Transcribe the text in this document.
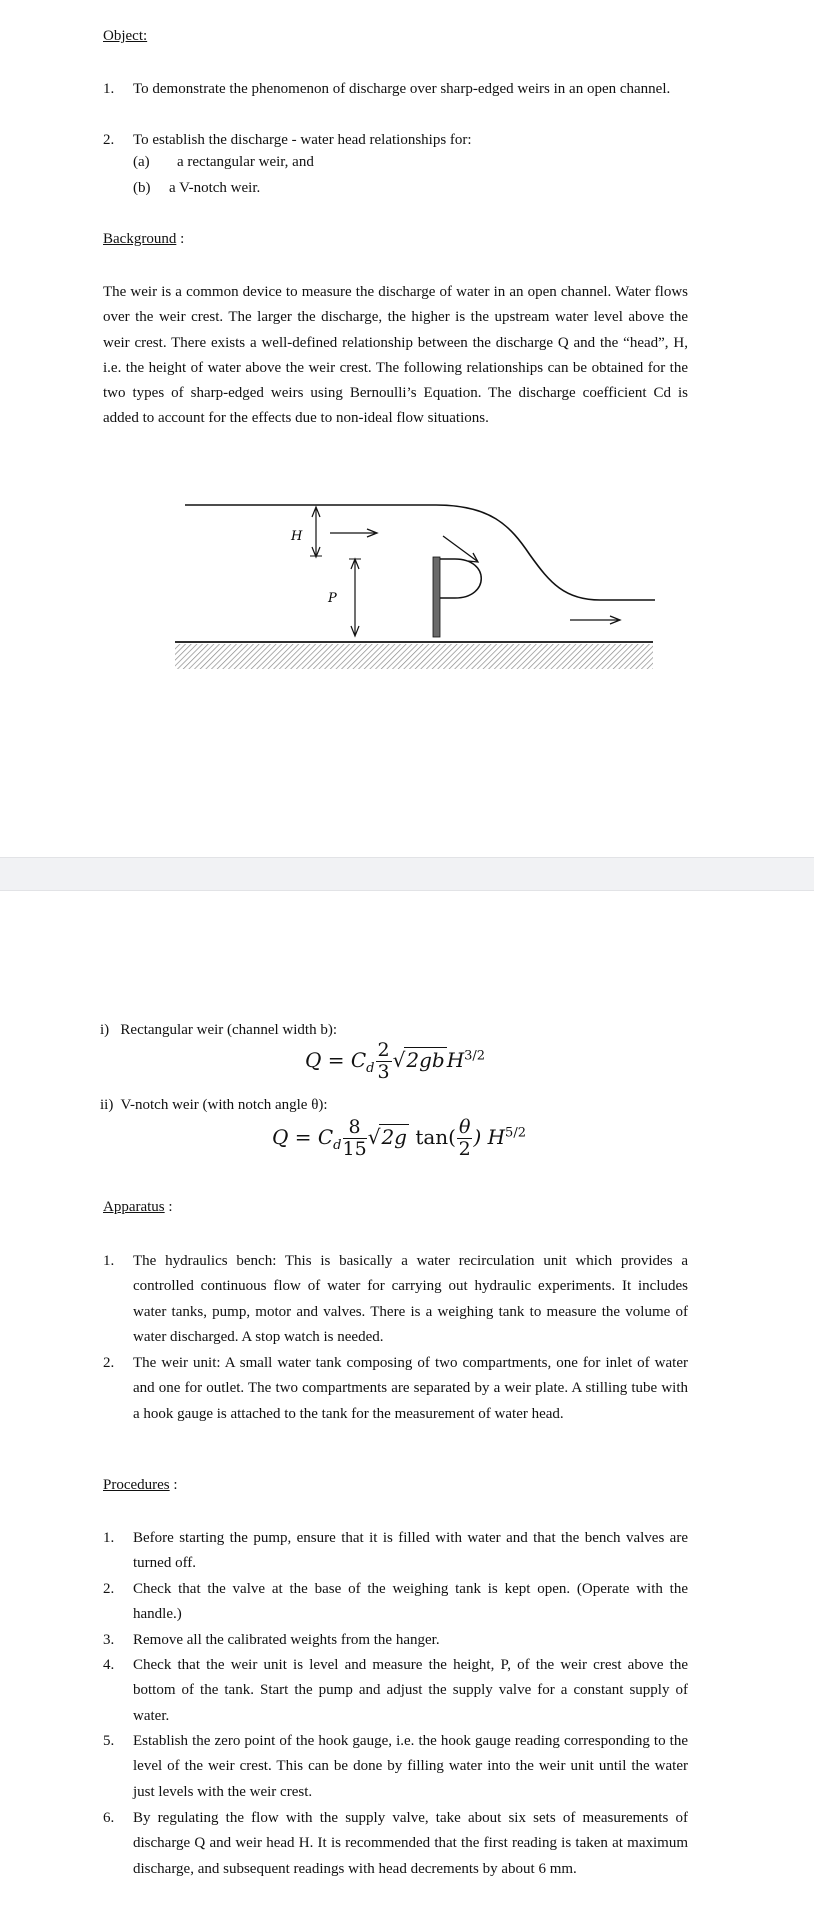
Object:
1. To demonstrate the phenomenon of discharge over sharp-edged weirs in an open channel.
2. To establish the discharge - water head relationships for:
(a) a rectangular weir, and
(b) a V-notch weir.
Background :

The weir is a common device to measure the discharge of water in an open channel. Water flows over the weir crest. The larger the discharge, the higher is the upstream water level above the weir crest. There exists a well-defined relationship between the discharge Q and the “head”, H, i.e. the height of water above the weir crest. The following relationships can be obtained for the two types of sharp-edged weirs using Bernoulli’s Equation. The discharge coefficient Cd is added to account for the effects due to non-ideal flow situations.

H
P
i)   Rectangular weir (channel width b):
$Q = C_d \frac{2}{3} √2gb$ $H^{3/2}$
ii)  V-notch weir (with notch angle θ):
$Q = C_d \frac{8}{15} √2g$ $\tan( \frac{\theta}{2}$ ) $H^{5/2}$
Apparatus :
1. The hydraulics bench: This is basically a water recirculation unit which provides a controlled continuous flow of water for carrying out hydraulic experiments. It includes water tanks, pump, motor and valves. There is a weighing tank to measure the volume of water discharged. A stop watch is needed.
2. The weir unit: A small water tank composing of two compartments, one for inlet of water and one for outlet. The two compartments are separated by a weir plate. A stilling tube with a hook gauge is attached to the tank for the measurement of water head.
Procedures :
1. Before starting the pump, ensure that it is filled with water and that the bench valves are turned off.
2. Check that the valve at the base of the weighing tank is kept open. (Operate with the handle.)
3. Remove all the calibrated weights from the hanger.
4. Check that the weir unit is level and measure the height, P, of the weir crest above the bottom of the tank. Start the pump and adjust the supply valve for a constant supply of water.
5. Establish the zero point of the hook gauge, i.e. the hook gauge reading corresponding to the level of the weir crest. This can be done by filling water into the weir unit until the water just levels with the weir crest.
6. By regulating the flow with the supply valve, take about six sets of measurements of discharge Q and weir head H. It is recommended that the first reading is taken at maximum discharge, and subsequent readings with head decrements by about 6 mm.
